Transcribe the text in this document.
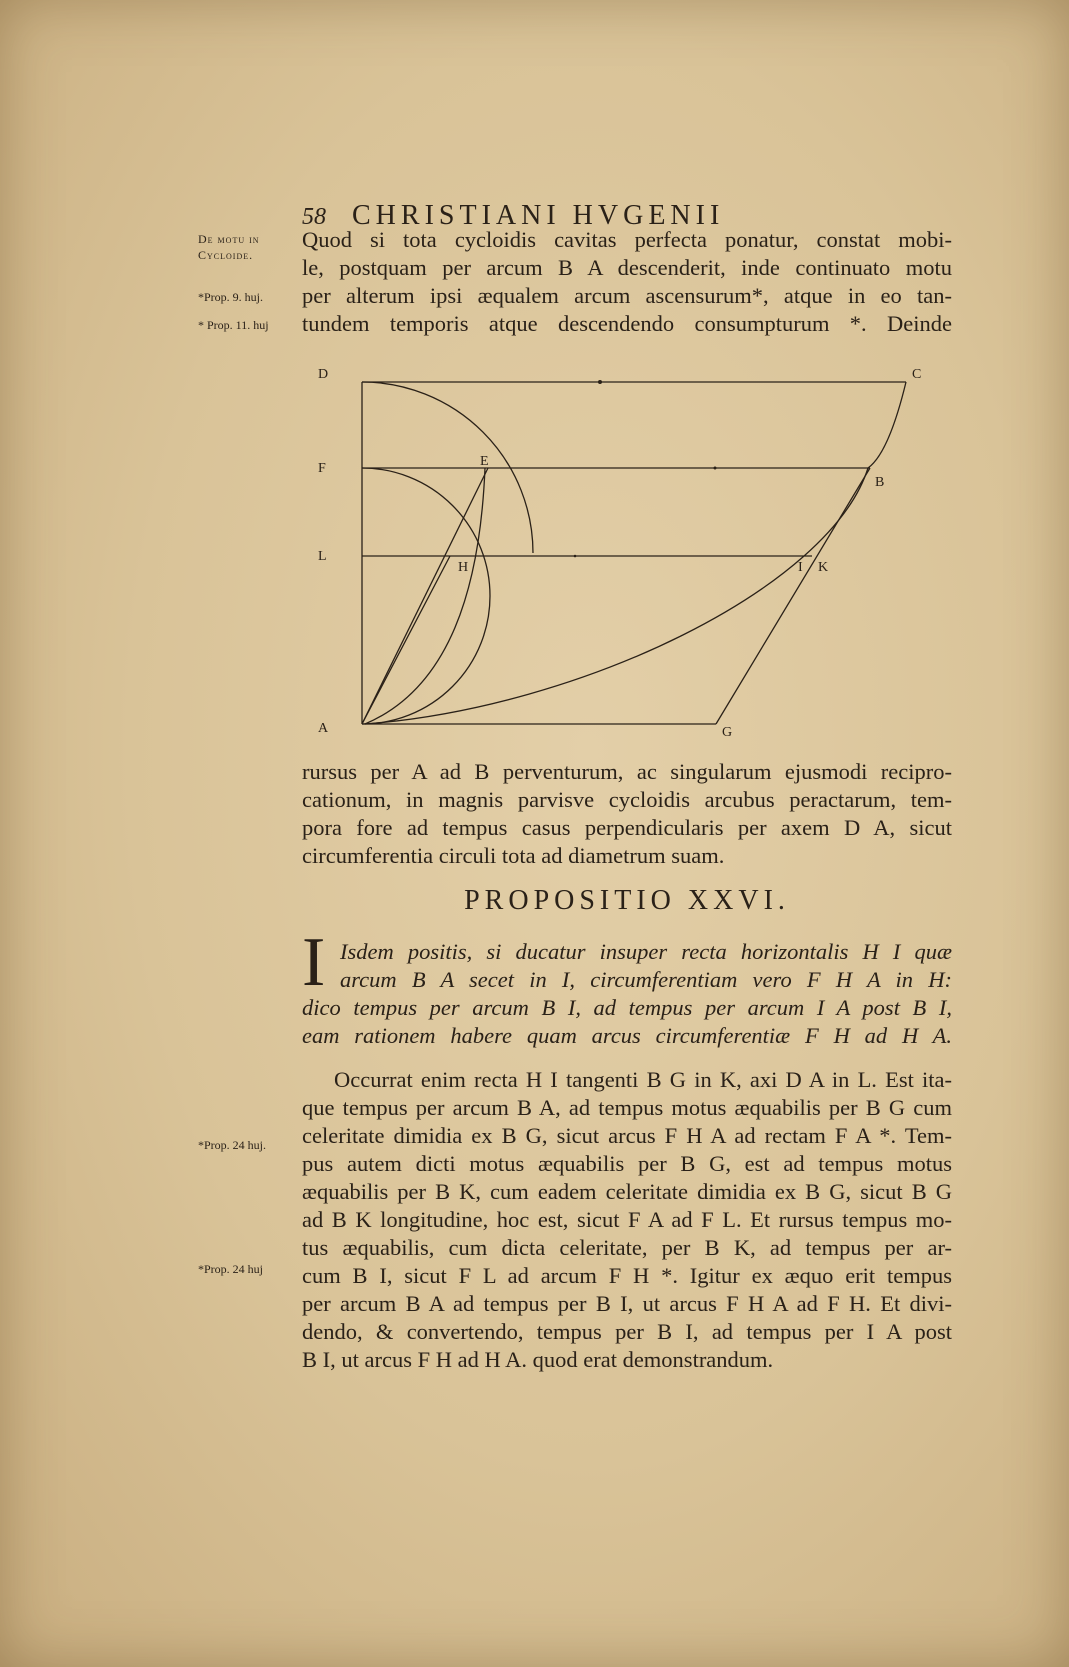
58 CHRISTIANI HVGENII
De motu in
Cycloide.
*Prop. 9. huj.
* Prop. 11. huj
Quod si tota cycloidis cavitas perfecta ponatur, constat mobi-
le, postquam per arcum B A descenderit, inde continuato motu
per alterum ipsi æqualem arcum ascensurum*, atque in eo tan-
tundem temporis atque descendendo consumpturum *. Deinde
D	C
F	E
B
L
H	I K
A	G
rursus per A ad B perventurum, ac singularum ejusmodi recipro-
cationum, in magnis parvisve cycloidis arcubus peractarum, tem-
pora fore ad tempus casus perpendicularis per axem D A, sicut
circumferentia circuli tota ad diametrum suam.
PROPOSITIO XXVI.
I Isdem positis, si ducatur insuper recta horizontalis H I quæ
arcum B A secet in I, circumferentiam vero F H A in H:
dico tempus per arcum B I, ad tempus per arcum I A post B I,
eam rationem habere quam arcus circumferentiæ F H ad H A.
*Prop. 24 huj.
*Prop. 24 huj
Occurrat enim recta H I tangenti B G in K, axi D A in L. Est ita-
que tempus per arcum B A, ad tempus motus æquabilis per B G cum
celeritate dimidia ex B G, sicut arcus F H A ad rectam F A *. Tem-
pus autem dicti motus æquabilis per B G, est ad tempus motus
æquabilis per B K, cum eadem celeritate dimidia ex B G, sicut B G
ad B K longitudine, hoc est, sicut F A ad F L. Et rursus tempus mo-
tus æquabilis, cum dicta celeritate, per B K, ad tempus per ar-
cum B I, sicut F L ad arcum F H *. Igitur ex æquo erit tempus
per arcum B A ad tempus per B I, ut arcus F H A ad F H. Et divi-
dendo, & convertendo, tempus per B I, ad tempus per I A post
B I, ut arcus F H ad H A. quod erat demonstrandum.
